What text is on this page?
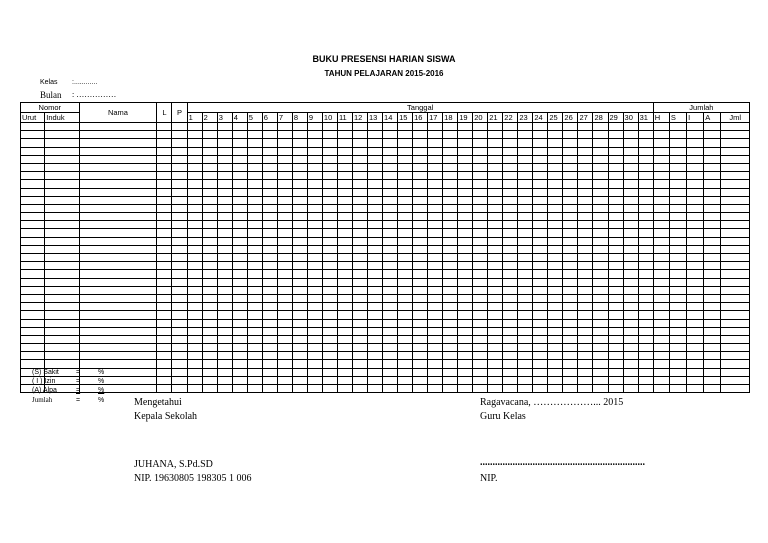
BUKU PRESENSI HARIAN SISWA
TAHUN PELAJARAN 2015-2016
Kelas :............
Bulan : ……………
Nomor		Nama	L	P	Tanggal																															Jumlah				
Urut	Induk				1	2	3	4	5	6	7	8	9	10	11	12	13	14	15	16	17	18	19	20	21	22	23	24	25	26	27	28	29	30	31	H	S	I	A	Jml

(S) Sakit =	%
( I ) Izin	=	%
(A) Alpa	=	%
Jumlah	=	%	Mengetahui
Kepala Sekolah
JUHANA, S.Pd.SD
NIP. 19630805 198305 1 006
Ragavacana, ………………... 2015
Guru Kelas
..................................................................
NIP.
